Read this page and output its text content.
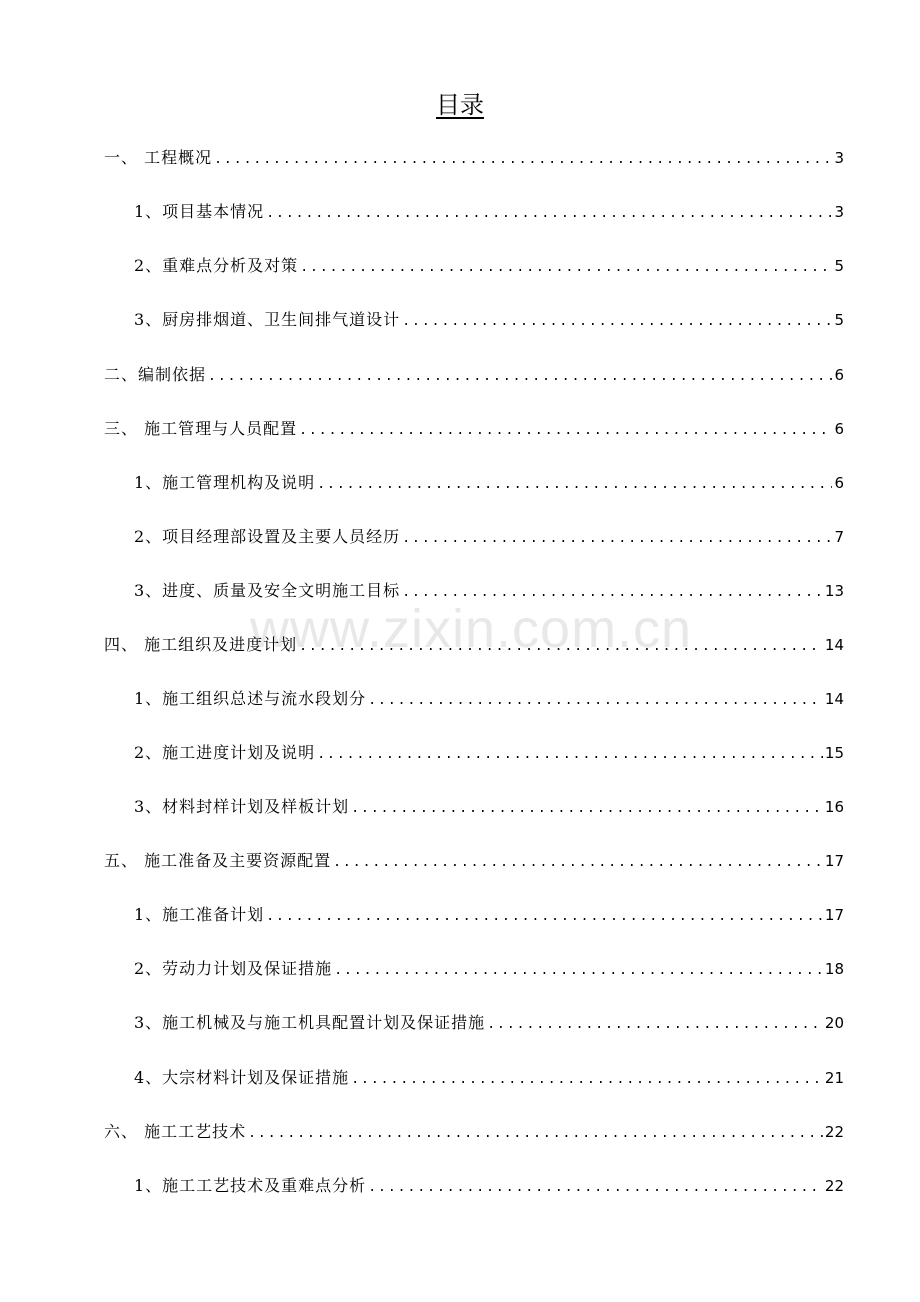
目录
www.zixin.com.cn
一、 工程概况 .....	3
1、项目基本情况 .....	3
2、重难点分析及对策 .....	5
3、厨房排烟道、卫生间排气道设计 .....	5
二、编制依据 .....	6
三、 施工管理与人员配置 .....	6
1、施工管理机构及说明 .....	6
2、项目经理部设置及主要人员经历 .....	7
3、进度、质量及安全文明施工目标 .....	13
四、 施工组织及进度计划 .....	14
1、施工组织总述与流水段划分 .....	14
2、施工进度计划及说明 .....	15
3、材料封样计划及样板计划 .....	16
五、 施工准备及主要资源配置 .....	17
1、施工准备计划 .....	17
2、劳动力计划及保证措施 .....	18
3、施工机械及与施工机具配置计划及保证措施 .....	20
4、大宗材料计划及保证措施 .....	21
六、 施工工艺技术 .....	22
1、施工工艺技术及重难点分析 .....	22
